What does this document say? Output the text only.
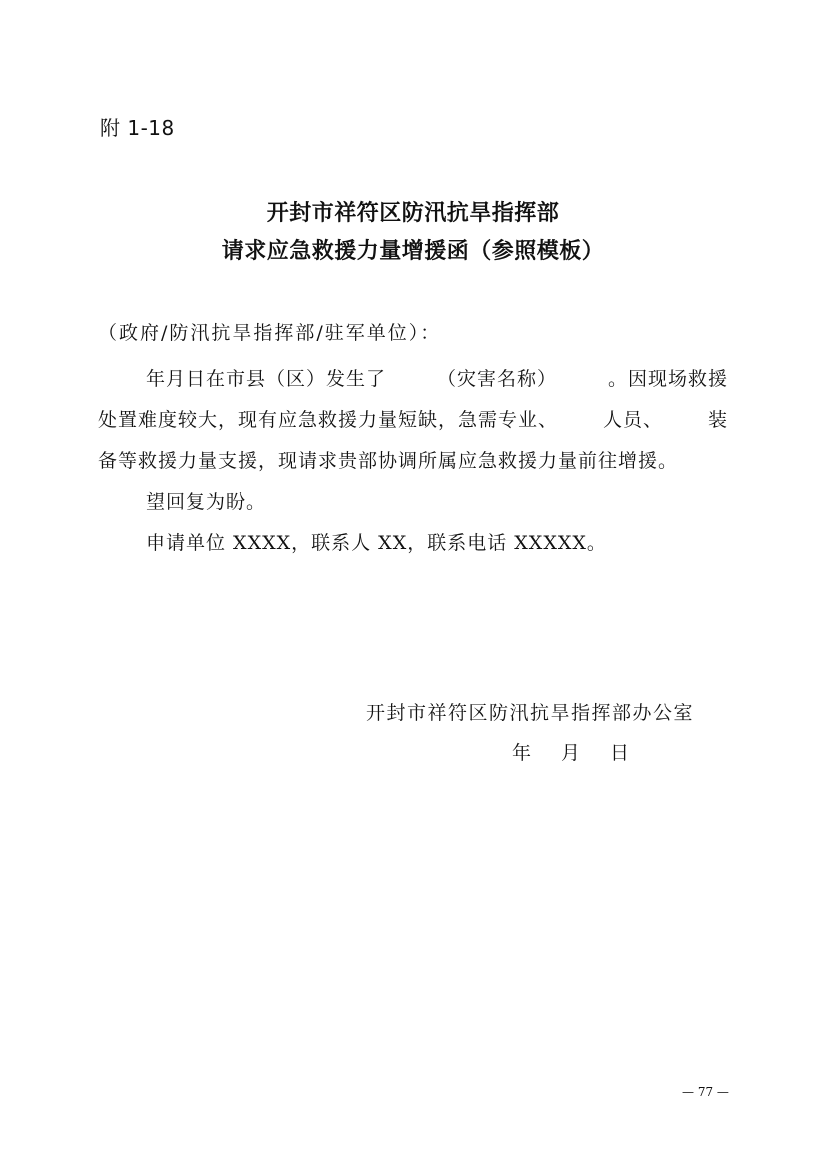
附 1-18
开封市祥符区防汛抗旱指挥部
请求应急救援力量增援函（参照模板）
（政府/防汛抗旱指挥部/驻军单位）：
年月日在市县（区）发生了	（灾害名称）	。因现场救援
处置难度较大，现有应急救援力量短缺，急需专业、 人员、 装
备等救援力量支援，现请求贵部协调所属应急救援力量前往增援。
望回复为盼。
申请单位 XXXX，联系人 XX，联系电话 XXXXX。
开封市祥符区防汛抗旱指挥部办公室
年 月 日
— 77 —
